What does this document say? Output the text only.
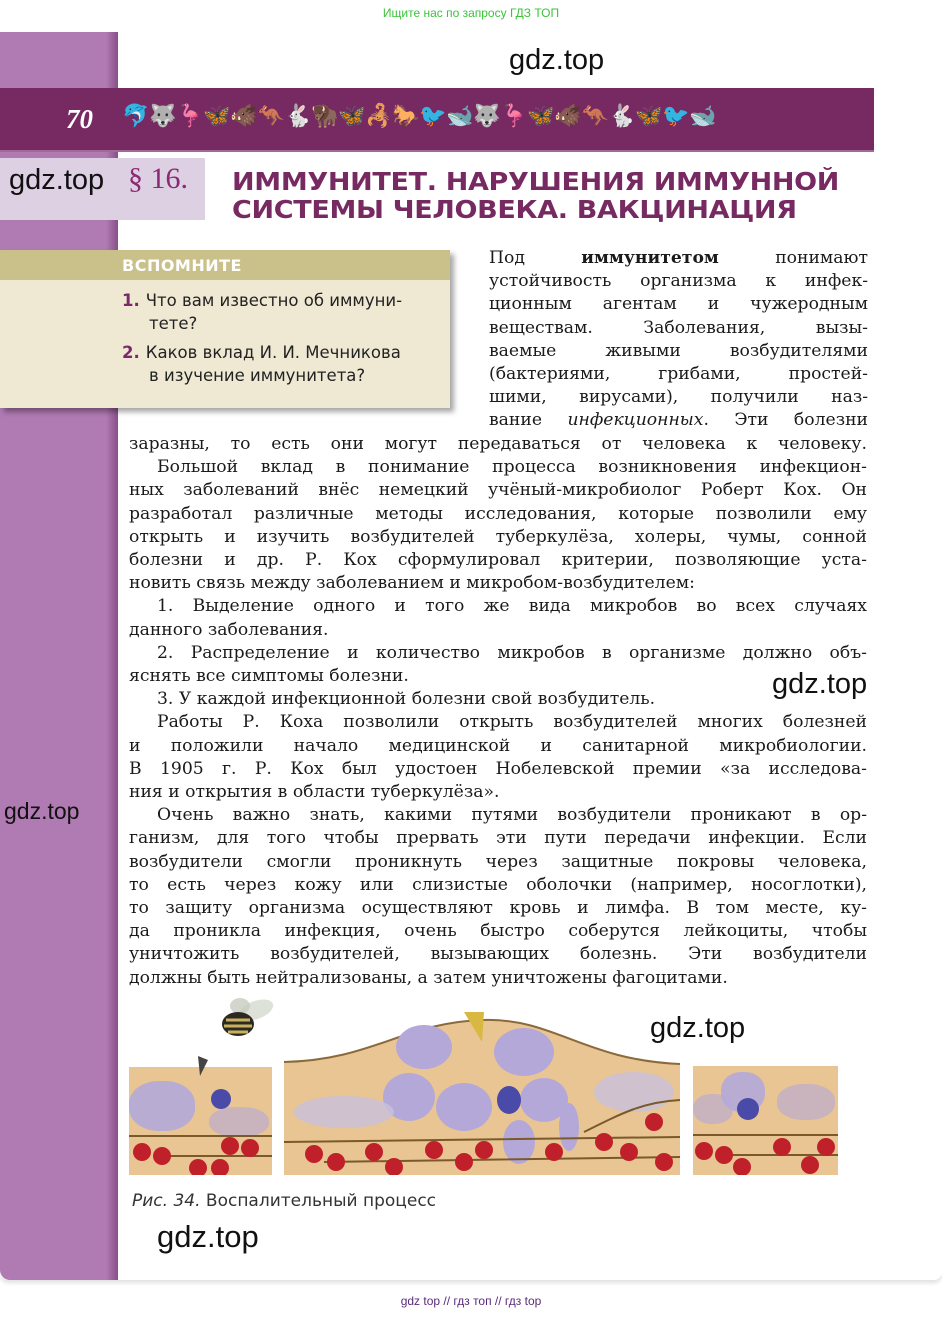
Ищите нас по запросу ГДЗ ТОП
gdz.top
70 🐬 🐺 🦩 🦋 🐗 🦘 🐇 🦬 🦋 🦂 🐎 🐦 🐋 🐺 🦩 🦋 🐗 🦘 🐇 🦋 🐦 🐋
gdz.top § 16. ИММУНИТЕТ. НАРУШЕНИЯ ИММУННОЙ
СИСТЕМЫ ЧЕЛОВЕКА. ВАКЦИНАЦИЯ
ВСПОМНИТЕ
1. Что вам известно об иммуни-
тете?
2. Каков вклад И. И. Мечникова
в изучение иммунитета?
Под	иммунитетом	понимают
устойчивость организма к инфек-
ционным агентам и чужеродным
веществам. Заболевания, вызы-
ваемые живыми возбудителями
(бактериями, грибами, простей-
шими, вирусами), получили наз-
вание инфекционных. Эти болезни
заразны, то есть они могут передаваться от человека к человеку.
Большой вклад в понимание процесса возникновения инфекцион-
ных заболеваний внёс немецкий учёный-микробиолог Роберт Кох. Он
разработал различные методы исследования, которые позволили ему
открыть и изучить возбудителей туберкулёза, холеры, чумы, сонной
болезни и др. Р. Кох сформулировал критерии, позволяющие уста-
новить связь между заболеванием и микробом-возбудителем:
1. Выделение одного и того же вида микробов во всех случаях
данного заболевания.
2. Распределение и количество микробов в организме должно объ-
яснять все симптомы болезни.
3. У каждой инфекционной болезни свой возбудитель.
Работы Р. Коха позволили открыть возбудителей многих болезней
и положили начало медицинской и санитарной микробиологии.
В 1905 г. Р. Кох был удостоен Нобелевской премии «за исследова-
ния и открытия в области туберкулёза».
Очень важно знать, какими путями возбудители проникают в ор-
ганизм, для того чтобы прервать эти пути передачи инфекции. Если
возбудители смогли проникнуть через защитные покровы человека,
то есть через кожу или слизистые оболочки (например, носоглотки),
то защиту организма осуществляют кровь и лимфа. В том месте, ку-
да проникла инфекция, очень быстро соберутся лейкоциты, чтобы
уничтожить возбудителей, вызывающих болезнь. Эти возбудители
должны быть нейтрализованы, а затем уничтожены фагоцитами.
gdz.top
gdz.top
gdz.top
Рис. 34. Воспалительный процесс
gdz.top
gdz top // гдз топ // гдз top
